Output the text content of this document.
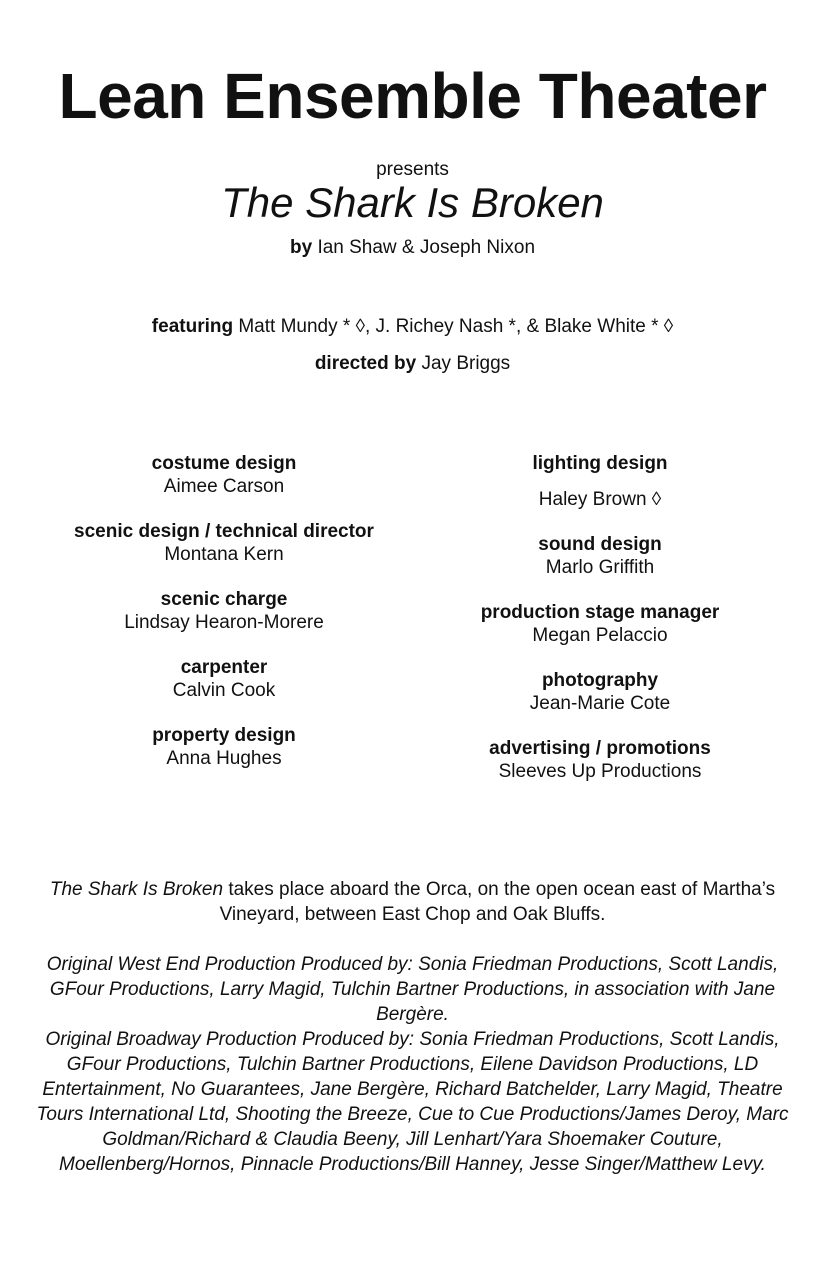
Lean Ensemble Theater
presents
The Shark Is Broken
by Ian Shaw & Joseph Nixon
featuring Matt Mundy * ◊, J. Richey Nash *, & Blake White * ◊
directed by Jay Briggs
costume design
Aimee Carson
scenic design / technical director
Montana Kern
scenic charge
Lindsay Hearon-Morere
carpenter
Calvin Cook
property design
Anna Hughes
lighting design
Haley Brown ◊
sound design
Marlo Griffith
production stage manager
Megan Pelaccio
photography
Jean-Marie Cote
advertising / promotions
Sleeves Up Productions
The Shark Is Broken takes place aboard the Orca, on the open ocean east of Martha’s Vineyard, between East Chop and Oak Bluffs.
Original West End Production Produced by: Sonia Friedman Productions, Scott Landis, GFour Productions, Larry Magid, Tulchin Bartner Productions, in association with Jane Bergère.
Original Broadway Production Produced by: Sonia Friedman Productions, Scott Landis, GFour Productions, Tulchin Bartner Productions, Eilene Davidson Productions, LD Entertainment, No Guarantees, Jane Bergère, Richard Batchelder, Larry Magid, Theatre Tours International Ltd, Shooting the Breeze, Cue to Cue Productions/James Deroy, Marc Goldman/Richard & Claudia Beeny, Jill Lenhart/Yara Shoemaker Couture, Moellenberg/Hornos, Pinnacle Productions/Bill Hanney, Jesse Singer/Matthew Levy.
